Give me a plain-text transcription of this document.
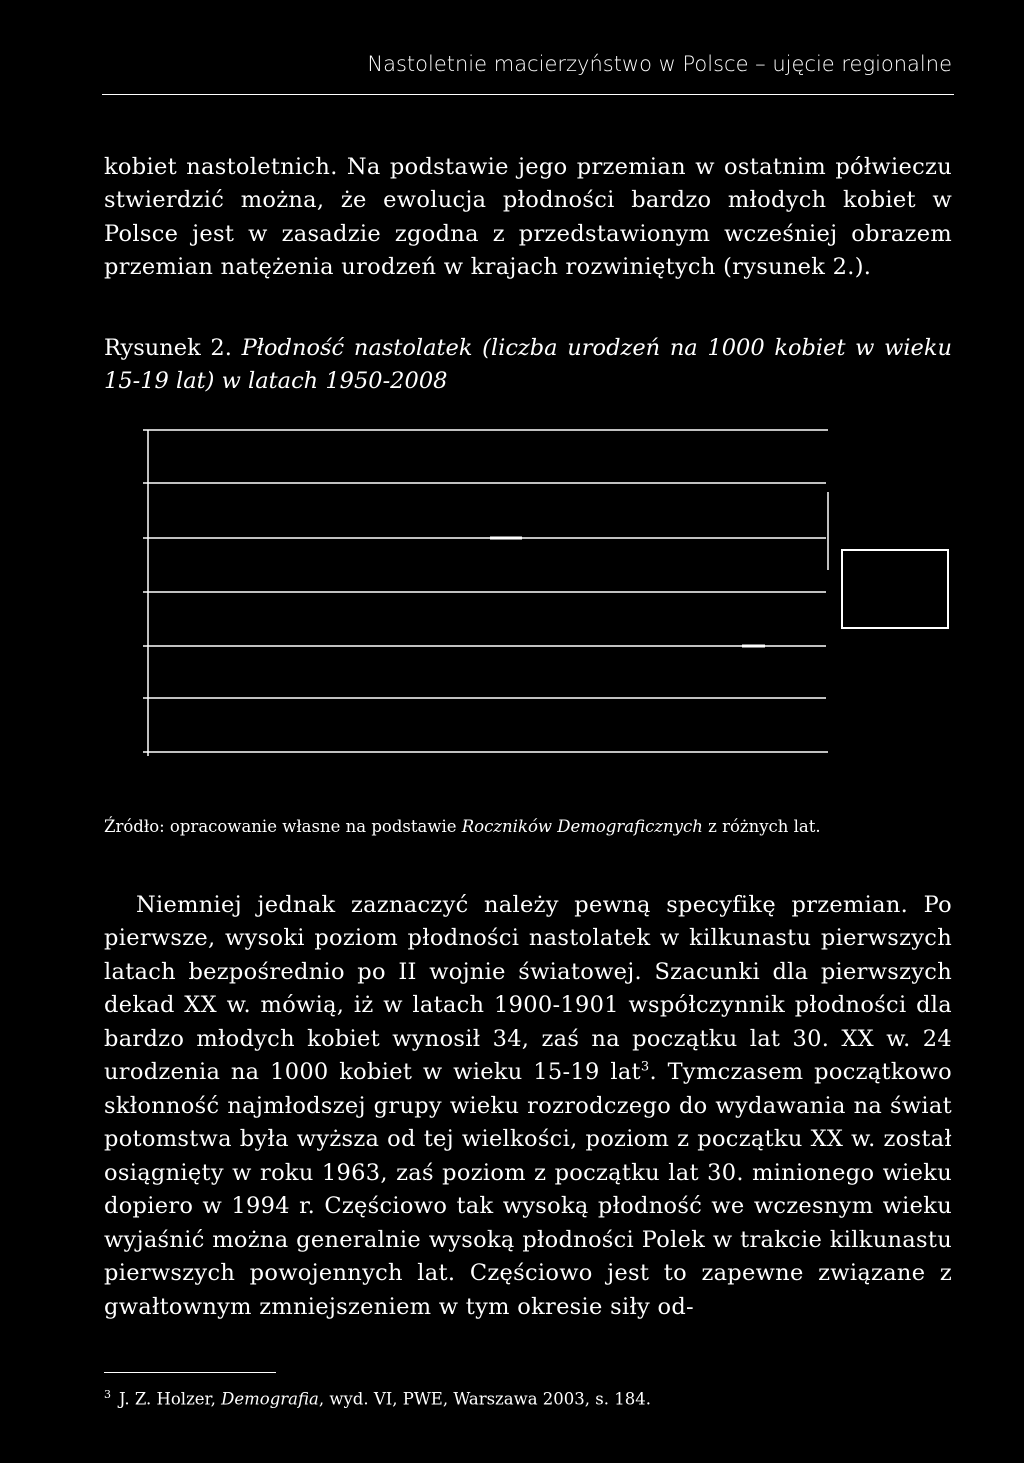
Nastoletnie macierzyństwo w Polsce – ujęcie regionalne

kobiet nastoletnich. Na podstawie jego przemian w ostatnim półwieczu stwierdzić można, że ewolucja płodności bardzo młodych kobiet w Polsce jest w zasadzie zgodna z przedstawionym wcześniej obrazem przemian natężenia urodzeń w krajach rozwiniętych (rysunek 2.).

Rysunek 2. Płodność nastolatek (liczba urodzeń na 1000 kobiet w wieku 15-19 lat) w latach 1950-2008
Źródło: opracowanie własne na podstawie Roczników Demograficznych z różnych lat.

Niemniej jednak zaznaczyć należy pewną specyfikę przemian. Po pierwsze, wysoki poziom płodności nastolatek w kilkunastu pierwszych latach bezpośrednio po II wojnie światowej. Szacunki dla pierwszych dekad XX w. mówią, iż w latach 1900-1901 współczynnik płodności dla bardzo młodych kobiet wynosił 34, zaś na początku lat 30. XX w. 24 urodzenia na 1000 kobiet w wieku 15-19 lat$^3$. Tymczasem początkowo skłonność najmłodszej grupy wieku rozrodczego do wydawania na świat potomstwa była wyższa od tej wielkości, poziom z początku XX w. został osiągnięty w roku 1963, zaś poziom z początku lat 30. minionego wieku dopiero w 1994 r. Częściowo tak wysoką płodność we wczesnym wieku wyjaśnić można generalnie wysoką płodności Polek w trakcie kilkunastu pierwszych powojennych lat. Częściowo jest to zapewne związane z gwałtownym zmniejszeniem w tym okresie siły od-

$^3$ J. Z. Holzer, Demografia, wyd. VI, PWE, Warszawa 2003, s. 184.
